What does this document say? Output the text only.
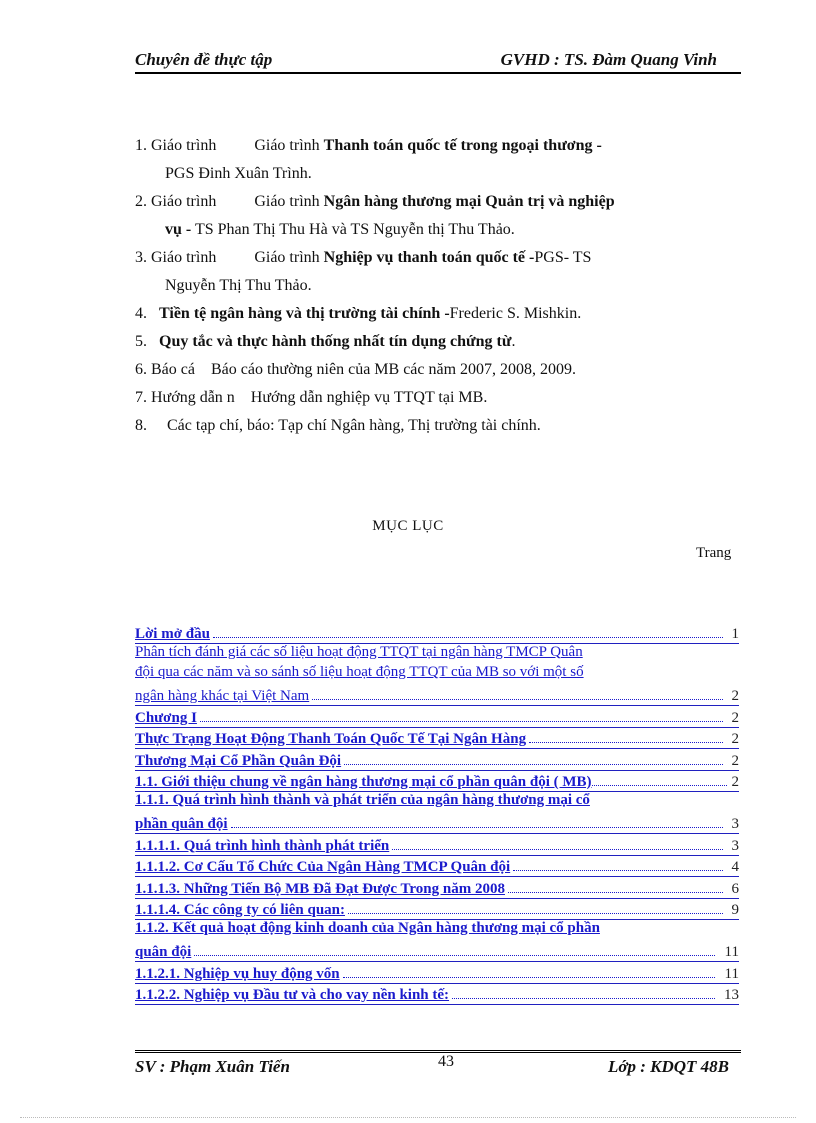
Chuyên đề thực tập	GVHD : TS. Đàm Quang Vinh
1. Giáo trình Giáo trình
Thanh toán quốc tế trong ngoại thương -
PGS Đinh Xuân Trình.
2. Giáo trình Giáo trình
Ngân hàng thương mại Quản trị và nghiệp
vụ - TS Phan Thị Thu Hà và TS Nguyễn thị Thu Thảo.
3. Giáo trình Giáo trình
Nghiệp vụ thanh toán quốc tế - PGS- TS
Nguyễn Thị Thu Thảo.
4.
Tiền tệ ngân hàng và thị trường tài chính - Frederic S. Mishkin.
5.
Quy tắc và thực hành thống nhất tín dụng chứng từ .
6. Báo cá
Báo cáo thường niên của MB các năm 2007, 2008, 2009.
7. Hướng dẫn n
Hướng dẫn nghiệp vụ TTQT tại MB.
8.
Các tạp chí, báo: Tạp chí Ngân hàng, Thị trường tài chính.
MỤC LỤC
Trang
Lời mở đầu	1
Phân tích đánh giá các số liệu hoạt động TTQT tại ngân hàng TMCP Quân
đội qua các năm và so sánh số liệu hoạt động TTQT của MB so với một số
ngân hàng khác tại Việt Nam	2
Chương I	2
Thực Trạng Hoạt Động Thanh Toán Quốc Tế Tại Ngân Hàng	2
Thương Mại Cổ Phần Quân Đội	2
1.1. Giới thiệu chung về ngân hàng thương mại cổ phần quân đội ( MB)	2
1.1.1. Quá trình hình thành và phát triển của ngân hàng thương mại cổ
phần quân đội	3
1.1.1.1. Quá trình hình thành phát triển	3
1.1.1.2. Cơ Cấu Tổ Chức Của Ngân Hàng TMCP Quân đội	4
1.1.1.3. Những Tiến Bộ MB Đã Đạt Được Trong năm 2008	6
1.1.1.4. Các công ty có liên quan:	9
1.1.2. Kết quả hoạt động kinh doanh của Ngân hàng thương mại cổ phần
quân đội	11
1.1.2.1. Nghiệp vụ huy động vốn	11
1.1.2.2. Nghiệp vụ Đầu tư và cho vay nền kinh tế:	13
SV : Phạm Xuân Tiến	43	Lớp : KDQT 48B
